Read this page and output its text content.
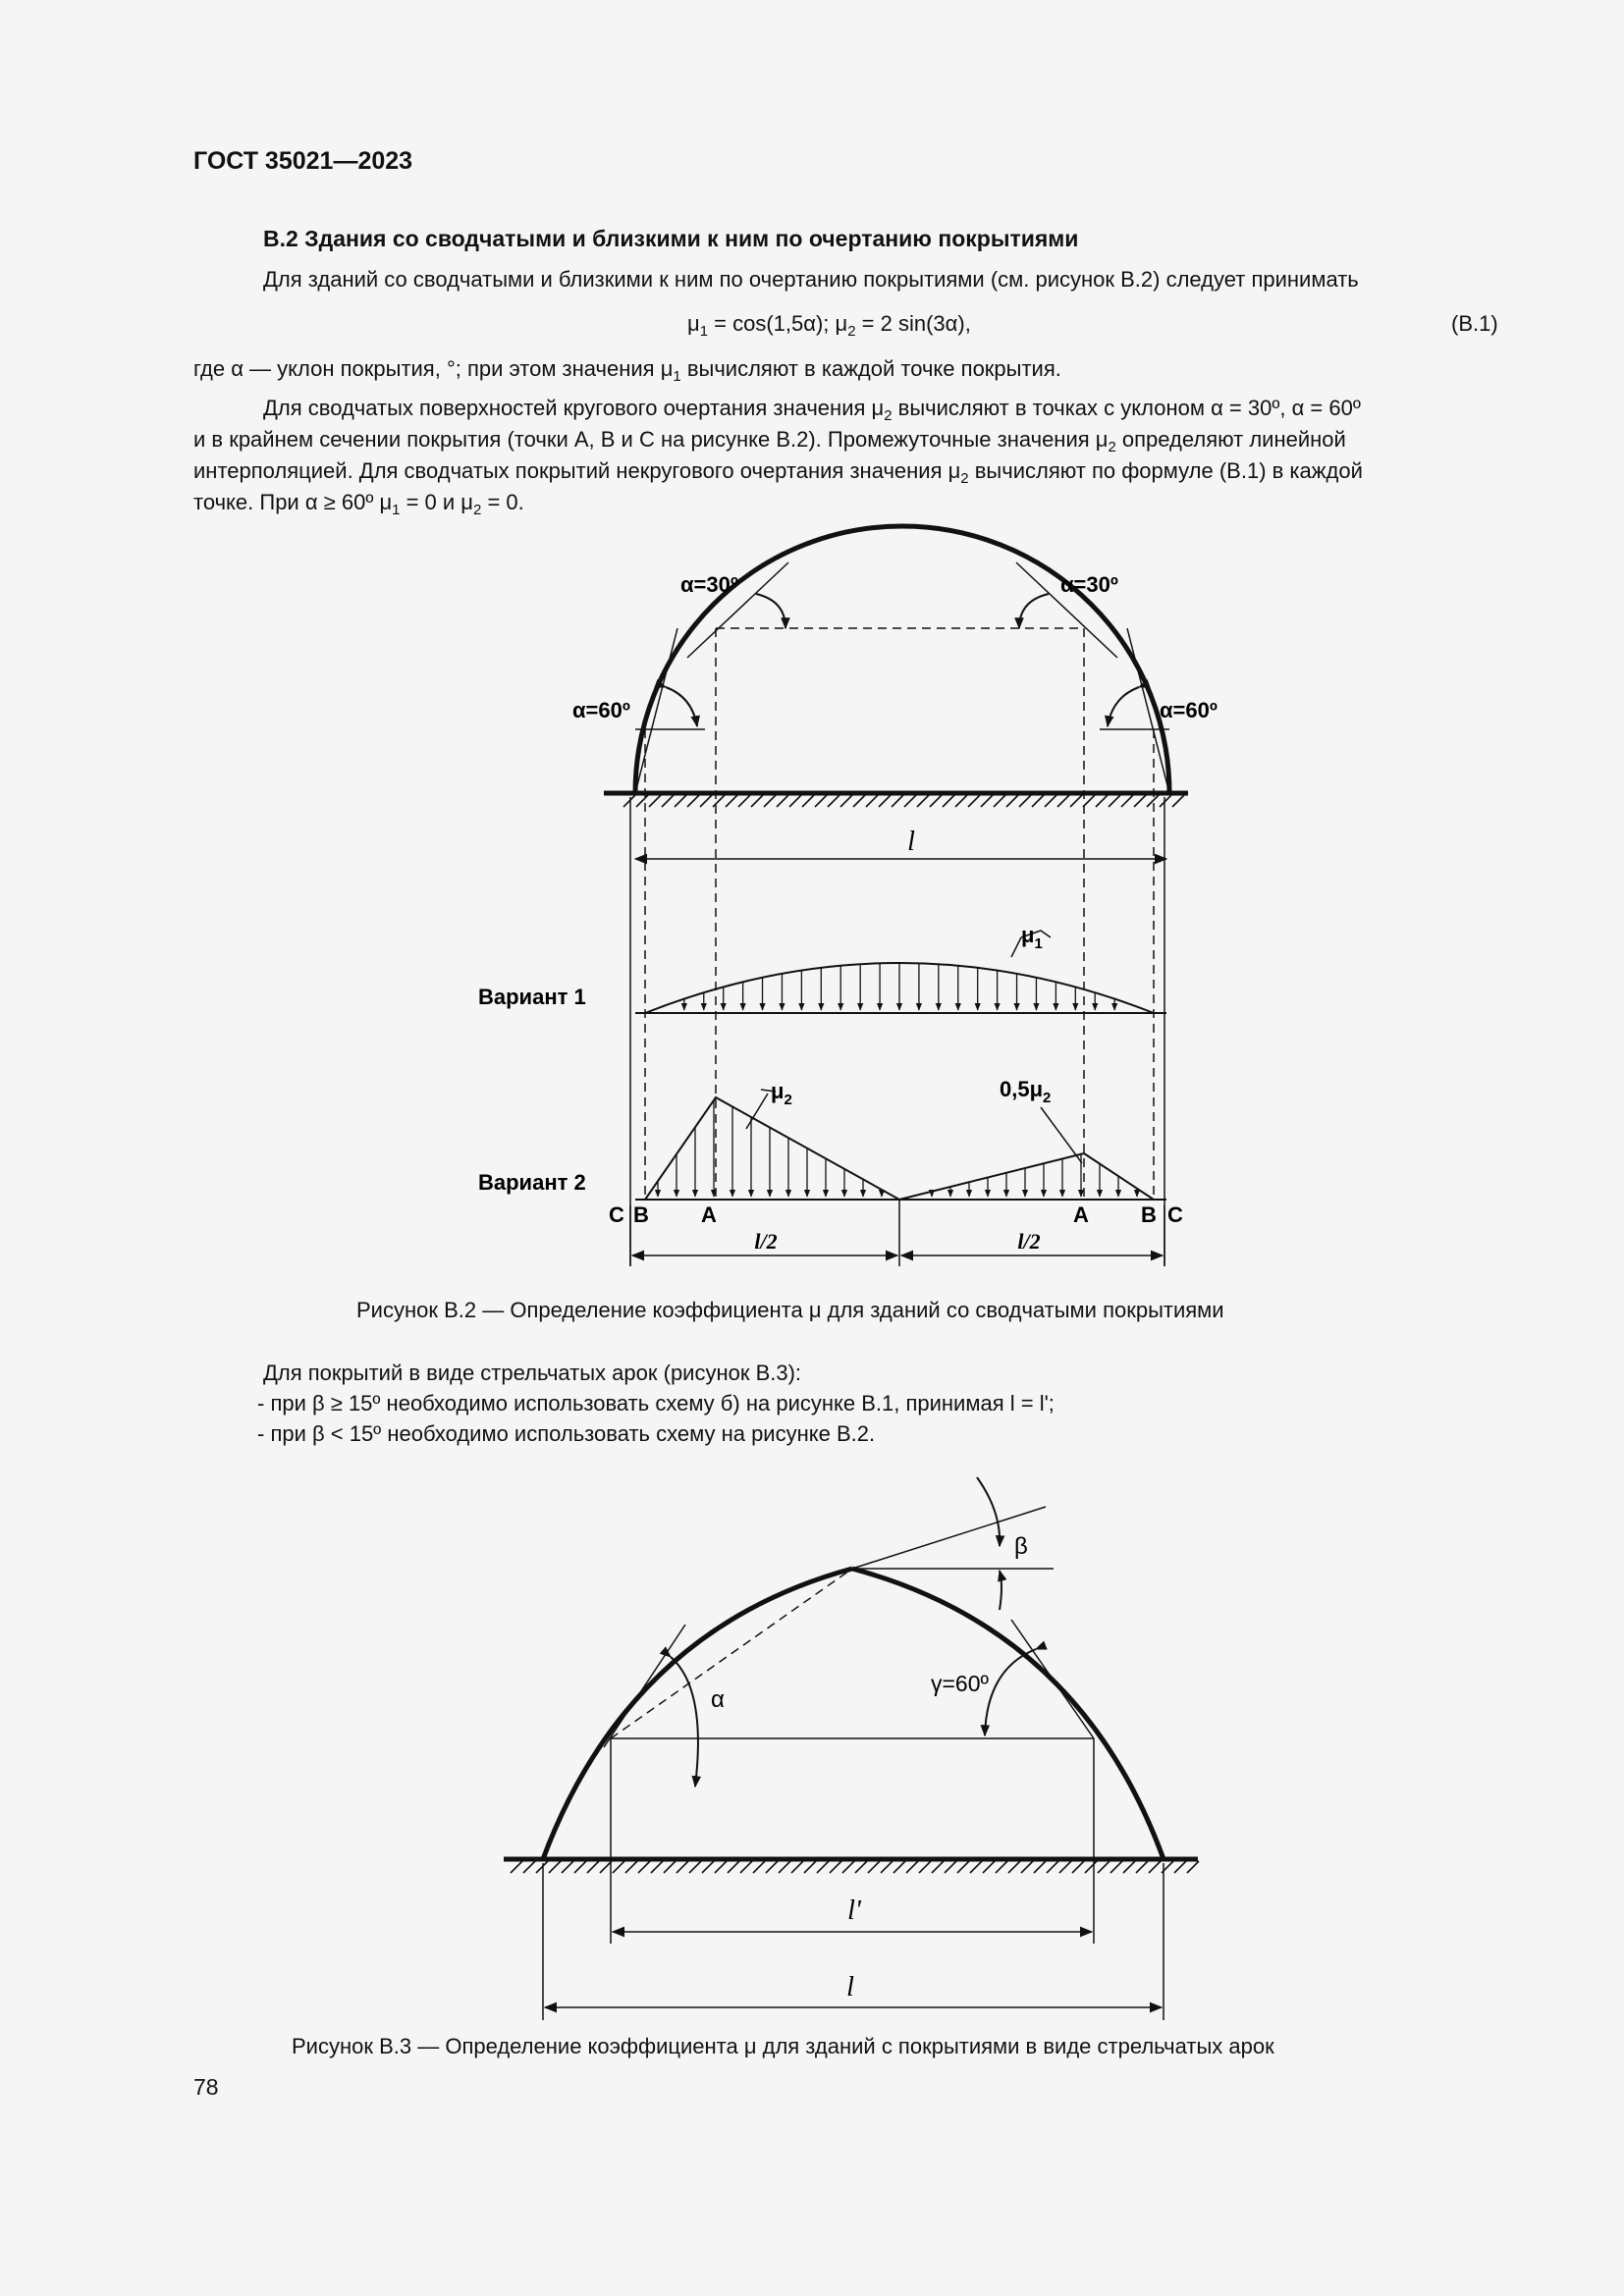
ГОСТ 35021—2023
В.2 Здания со сводчатыми и близкими к ним по очертанию покрытиями
Для зданий со сводчатыми и близкими к ним по очертанию покрытиями (см. рисунок В.2) следует принимать
$\mu_1 = \cos(1,5\alpha)$; $\mu_2 = 2$ sin(3α),	(В.1)
где α — уклон покрытия, °; при этом значения $\mu_1$ вычисляют в каждой точке покрытия.
Для сводчатых поверхностей кругового очертания значения $\mu_2$ вычисляют в точках с уклоном α = 30º, α = 60º
и в крайнем сечении покрытия (точки А, В и С на рисунке В.2). Промежуточные значения $\mu_2$ определяют линейной
интерполяцией. Для сводчатых покрытий некругового очертания значения $\mu_2$ вычисляют по формуле (В.1) в каждой
точке. При α ≥ 60º $\mu_1 = 0$ и $\mu_2 = 0$.
l
$\mu_1$
Вариант 1
$\mu_2$	$0,5\mu_2$
Вариант 2
C B A	A B C
l/2	l/2
α=30º	α=30º
α=60º	α=60º
β
γ=60º
α
l'
l
Рисунок В.2 — Определение коэффициента μ для зданий со сводчатыми покрытиями
Для покрытий в виде стрельчатых арок (рисунок В.3):
- при β ≥ 15º необходимо использовать схему б) на рисунке В.1, принимая l = l';
- при β < 15º необходимо использовать схему на рисунке В.2.
Рисунок В.3 — Определение коэффициента μ для зданий с покрытиями в виде стрельчатых арок
78
